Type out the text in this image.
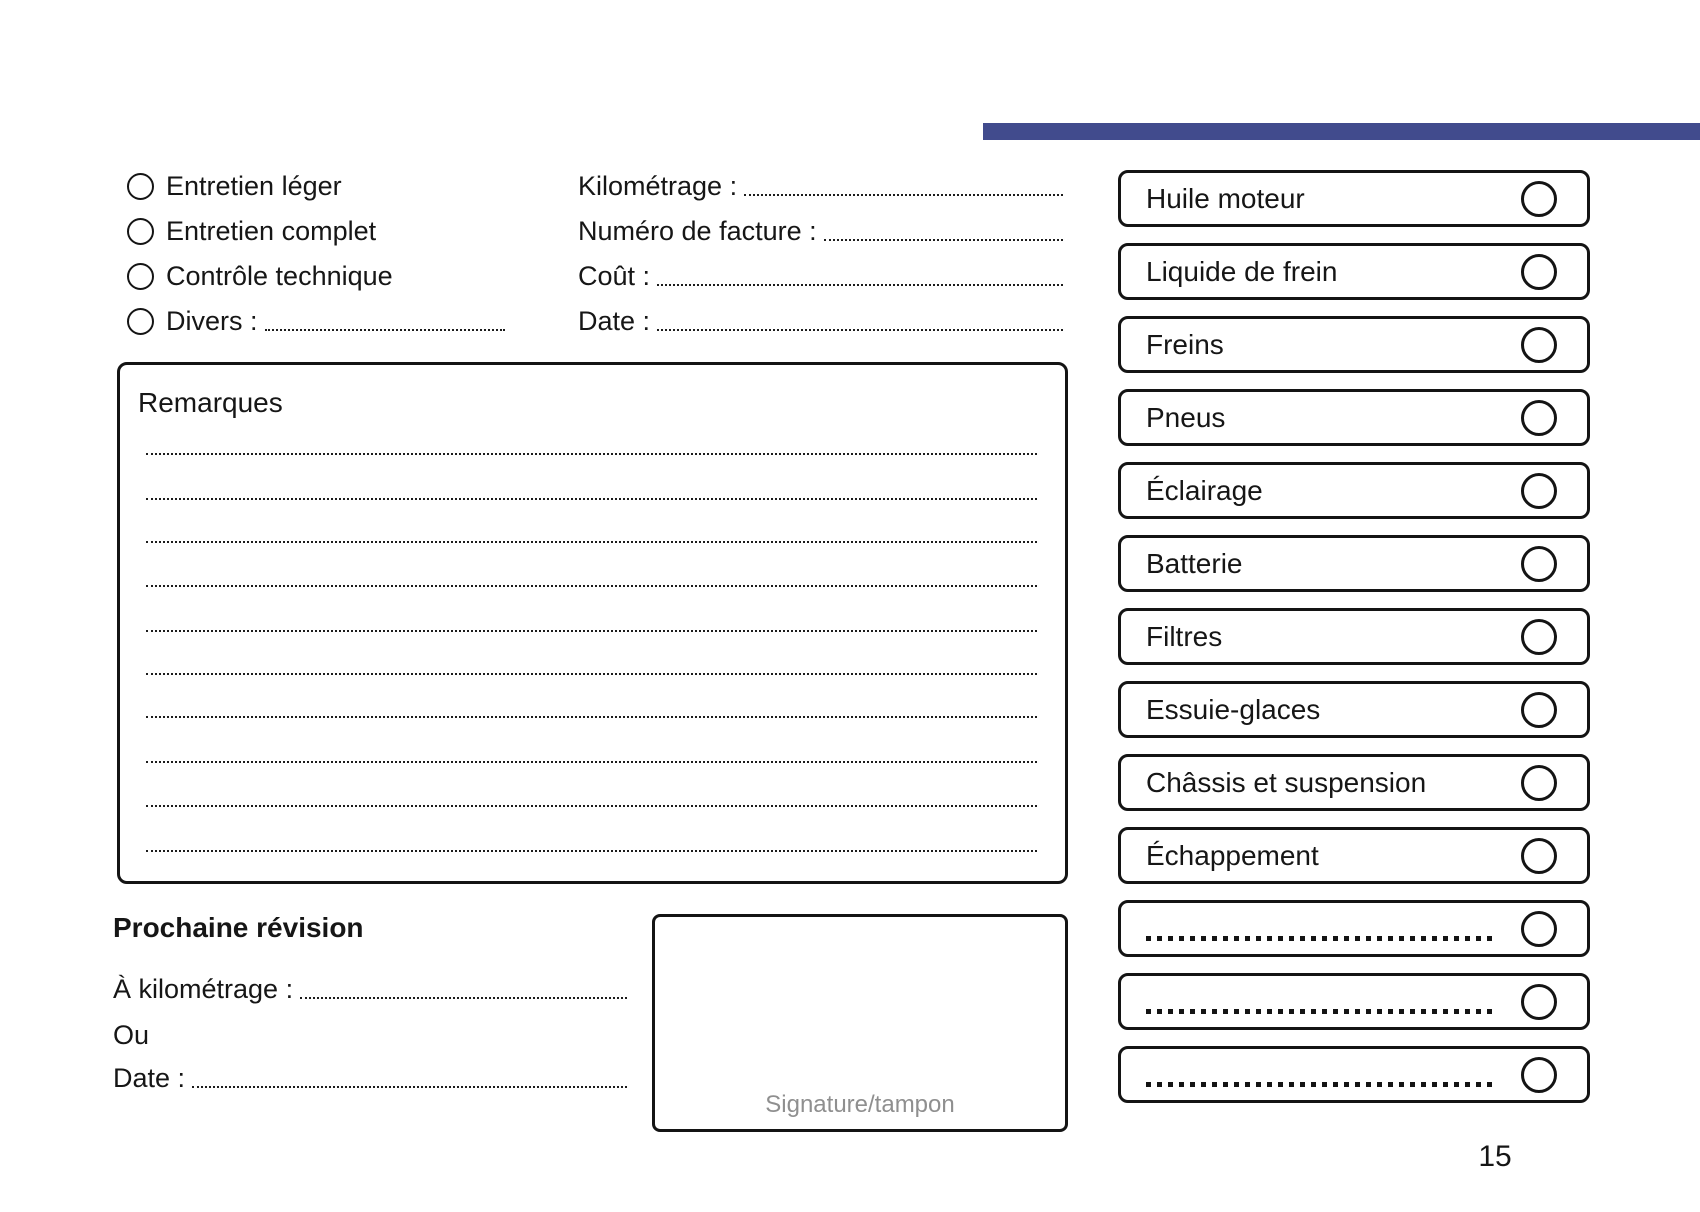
Entretien léger
Entretien complet
Contrôle technique
Divers :
Kilométrage :
Numéro de facture :
Coût :
Date :
Remarques
Prochaine révision
À kilométrage :
Ou
Date :
Signature/tampon
Huile moteur
Liquide de frein
Freins
Pneus
Éclairage
Batterie
Filtres
Essuie-glaces
Châssis et suspension
Échappement
15
